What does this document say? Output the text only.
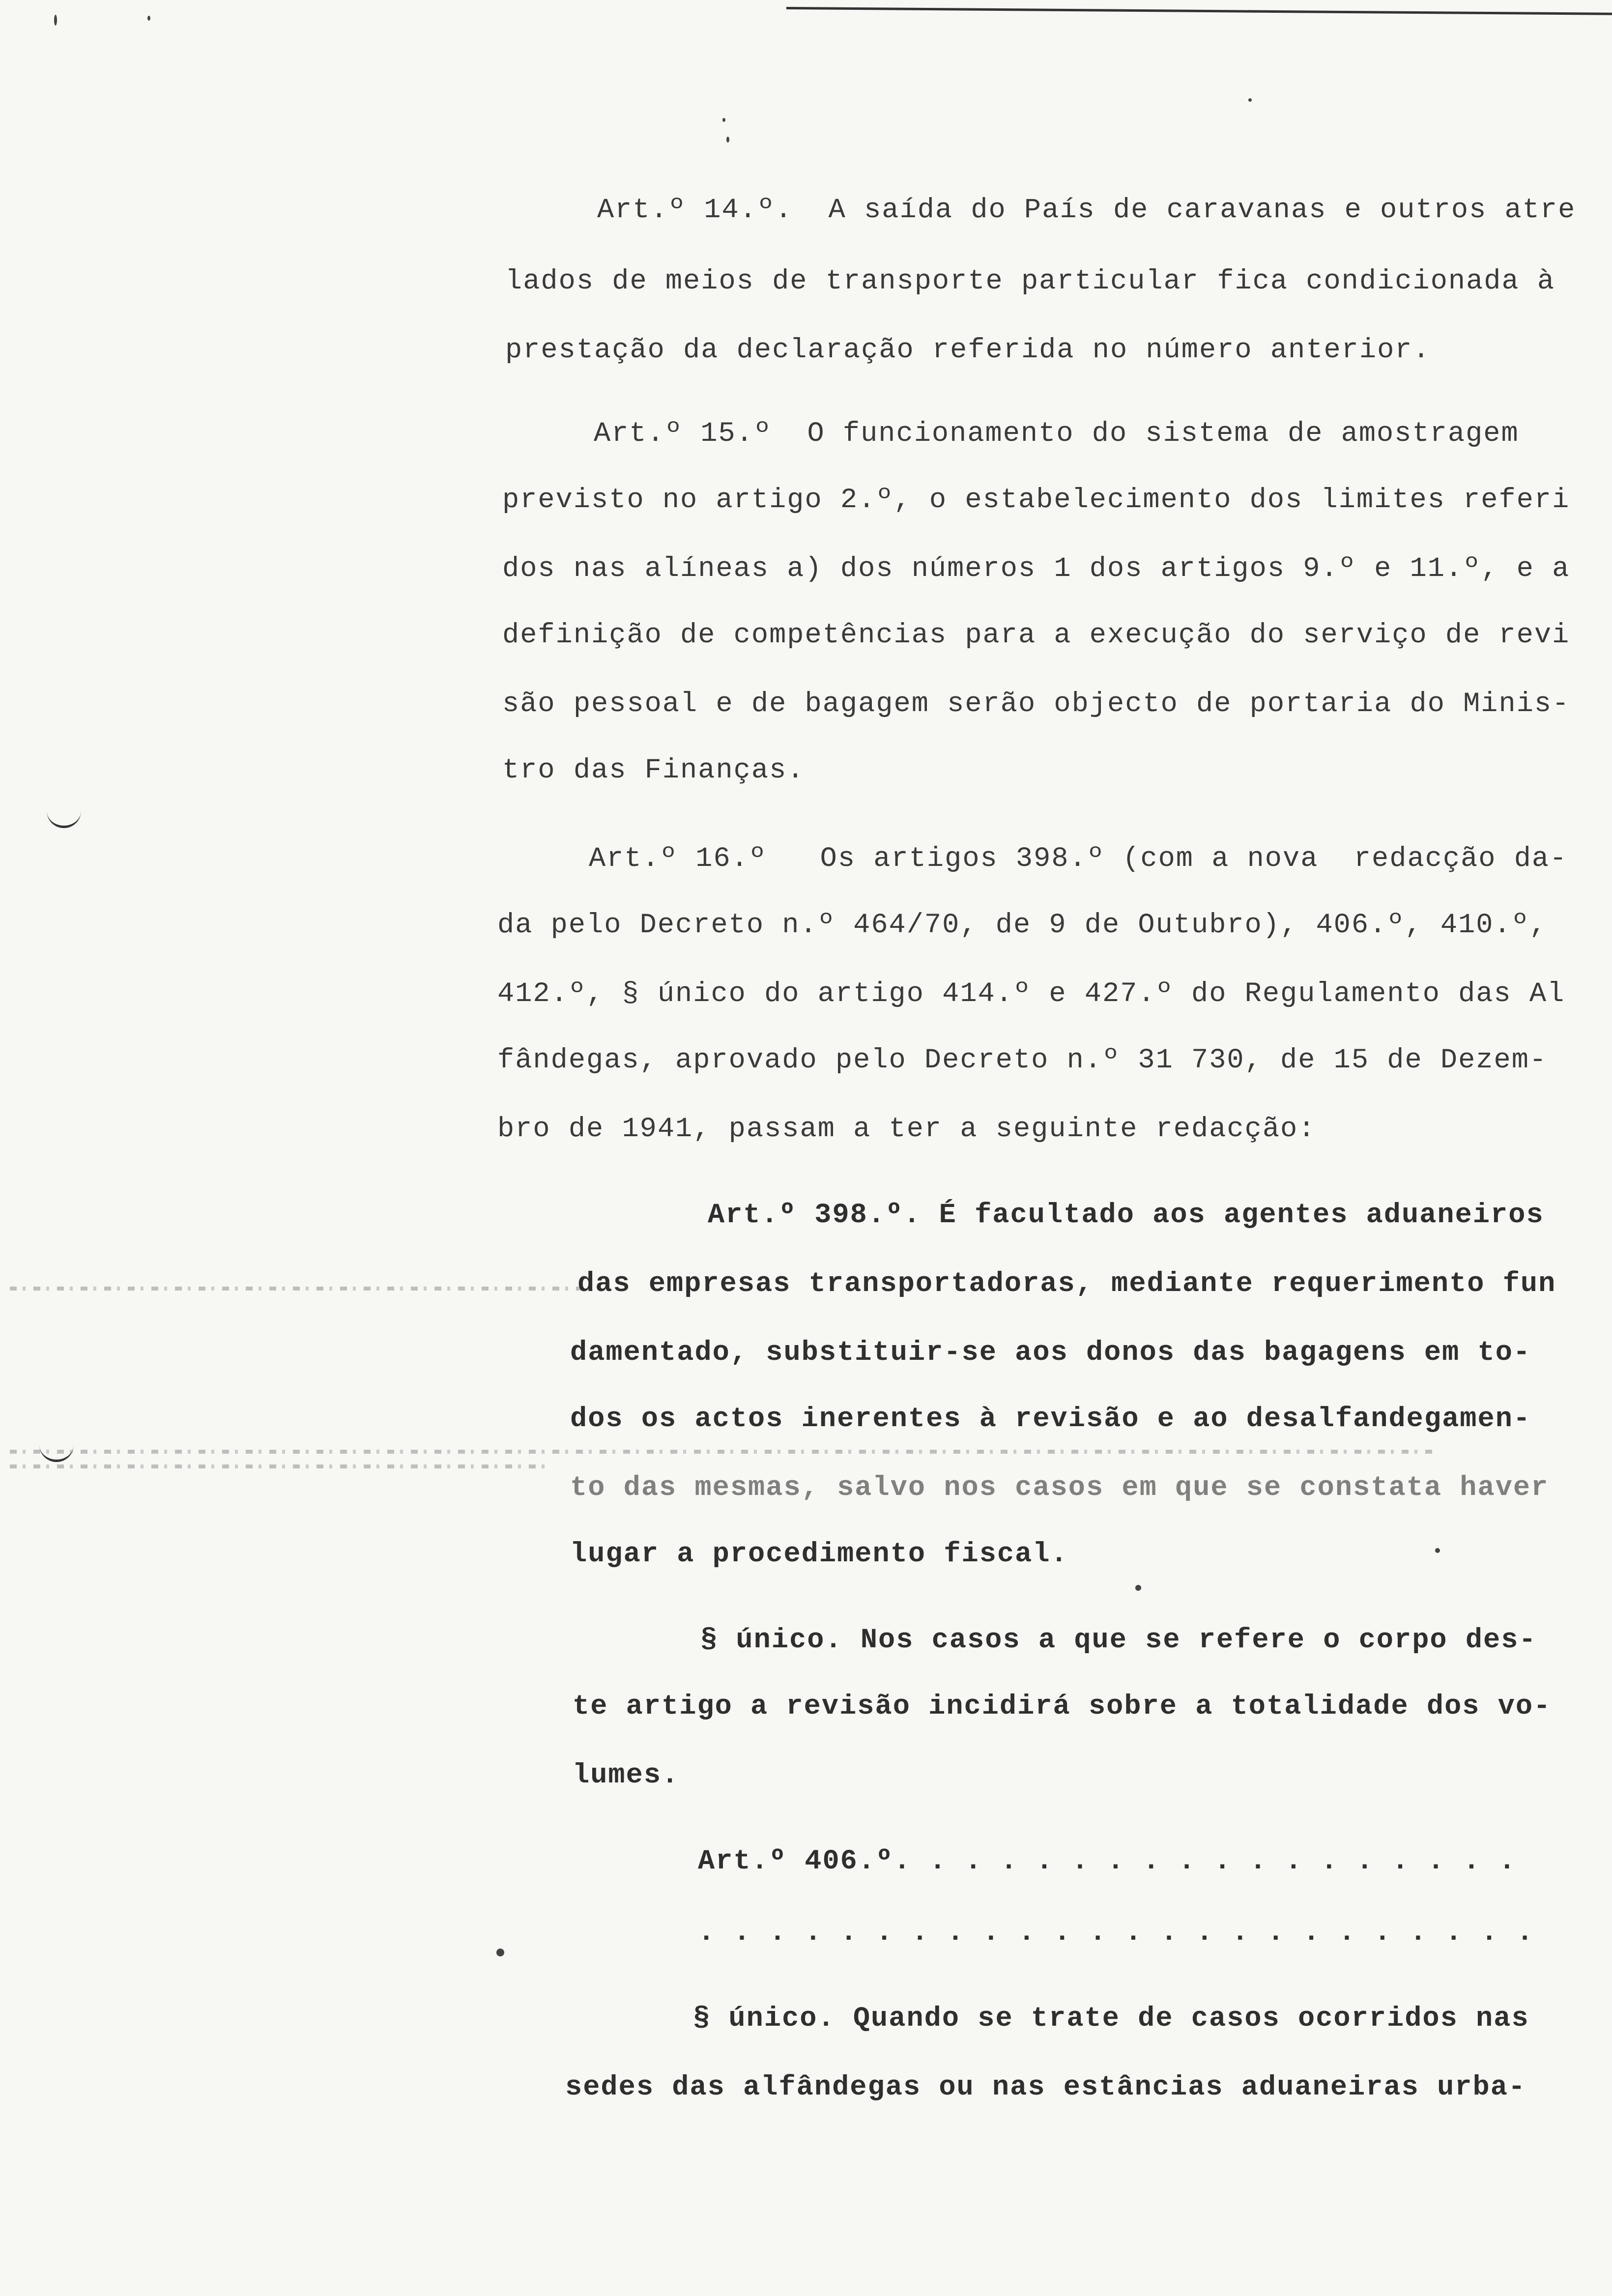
Art.º 14.º.  A saída do País de caravanas e outros atre
lados de meios de transporte particular fica condicionada à
prestação da declaração referida no número anterior.
Art.º 15.º  O funcionamento do sistema de amostragem
previsto no artigo 2.º, o estabelecimento dos limites referi
dos nas alíneas a) dos números 1 dos artigos 9.º e 11.º, e a
definição de competências para a execução do serviço de revi
são pessoal e de bagagem serão objecto de portaria do Minis-
tro das Finanças.
Art.º 16.º   Os artigos 398.º (com a nova  redacção da-
da pelo Decreto n.º 464/70, de 9 de Outubro), 406.º, 410.º,
412.º, § único do artigo 414.º e 427.º do Regulamento das Al
fândegas, aprovado pelo Decreto n.º 31 730, de 15 de Dezem-
bro de 1941, passam a ter a seguinte redacção:
Art.º 398.º. É facultado aos agentes aduaneiros
das empresas transportadoras, mediante requerimento fun
damentado, substituir-se aos donos das bagagens em to-
dos os actos inerentes à revisão e ao desalfandegamen-
to das mesmas, salvo nos casos em que se constata haver
lugar a procedimento fiscal.
§ único. Nos casos a que se refere o corpo des-
te artigo a revisão incidirá sobre a totalidade dos vo-
lumes.
Art.º 406.º. . . . . . . . . . . . . . . . . .
. . . . . . . . . . . . . . . . . . . . . . . .
§ único. Quando se trate de casos ocorridos nas
sedes das alfândegas ou nas estâncias aduaneiras urba-
